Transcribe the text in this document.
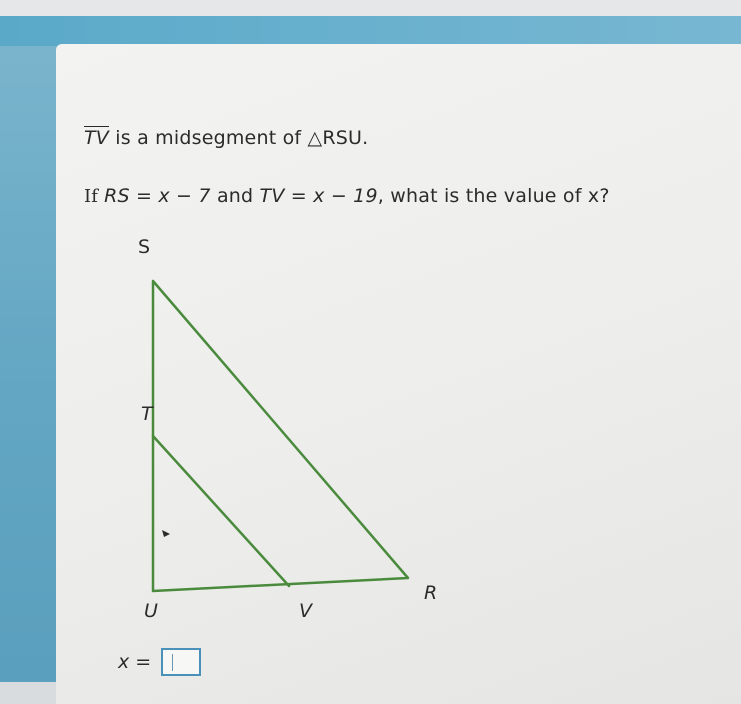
$\overline{TV}$ is a midsegment of △RSU.
If RS = x − 7 and TV = x − 19, what is the value of x?
S
T
U	V
R
x =
